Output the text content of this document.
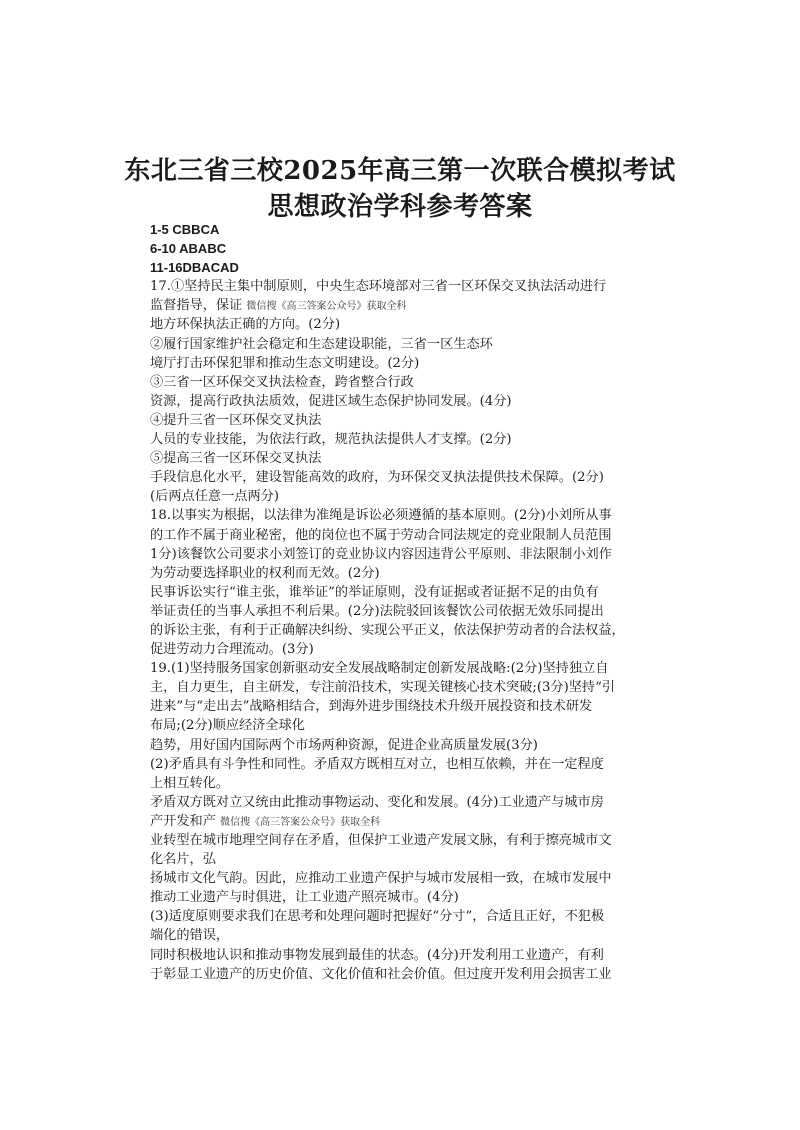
东北三省三校2025年高三第一次联合模拟考试
思想政治学科参考答案
1-5 CBBCA
6-10 ABABC
11-16DBACAD
17.①坚持民主集中制原则，中央生态环境部对三省一区环保交叉执法活动进行
监督指导，保证 微信搜《高三答案公众号》获取全科
地方环保执法正确的方向。(2分)
②履行国家维护社会稳定和生态建设职能，三省一区生态环
境厅打击环保犯罪和推动生态文明建设。(2分)
③三省一区环保交叉执法检查，跨省整合行政
资源，提高行政执法质效，促进区域生态保护协同发展。(4分)
④提升三省一区环保交叉执法
人员的专业技能，为依法行政，规范执法提供人才支撑。(2分)
⑤提高三省一区环保交叉执法
手段信息化水平，建设智能高效的政府，为环保交叉执法提供技术保障。(2分)
(后两点任意一点两分)
18.以事实为根据，以法律为准绳是诉讼必须遵循的基本原则。(2分)小刘所从事
的工作不属于商业秘密，他的岗位也不属于劳动合同法规定的竞业限制人员范围
1分)该餐饮公司要求小刘签订的竞业协议内容因违背公平原则、非法限制小刘作
为劳动要选择职业的权利而无效。(2分)
民事诉讼实行“谁主张，谁举证”的举证原则，没有证据或者证据不足的由负有
举证责任的当事人承担不利后果。(2分)法院驳回该餐饮公司依据无效乐同提出
的诉讼主张，有利于正确解决纠纷、实现公平正义，依法保护劳动者的合法权益，
促进劳动力合理流动。(3分)
19.(1)坚持服务国家创新驱动安全发展战略制定创新发展战略:(2分)坚持独立自
主，自力更生，自主研发，专注前沿技术，实现关键核心技术突破;(3分)坚持“引
进来”与“走出去”战略相结合，到海外进步围绕技术升级开展投资和技术研发
布局;(2分)顺应经济全球化
趋势，用好国内国际两个市场两种资源，促进企业高质量发展(3分)
(2)矛盾具有斗争性和同性。矛盾双方既相互对立，也相互依赖，并在一定程度
上相互转化。
矛盾双方既对立又统由此推动事物运动、变化和发展。(4分)工业遗产与城市房
产开发和产 微信搜《高三答案公众号》获取全科
业转型在城市地理空间存在矛盾，但保护工业遗产发展文脉，有利于擦亮城市文
化名片，弘
扬城市文化气韵。因此，应推动工业遗产保护与城市发展相一致，在城市发展中
推动工业遗产与时俱进，让工业遗产照亮城市。(4分)
(3)适度原则要求我们在思考和处理问题时把握好“分寸”，合适且正好，不犯极
端化的错误，
同时积极地认识和推动事物发展到最佳的状态。(4分)开发利用工业遗产，有利
于彰显工业遗产的历史价值、文化价值和社会价值。但过度开发利用会损害工业
